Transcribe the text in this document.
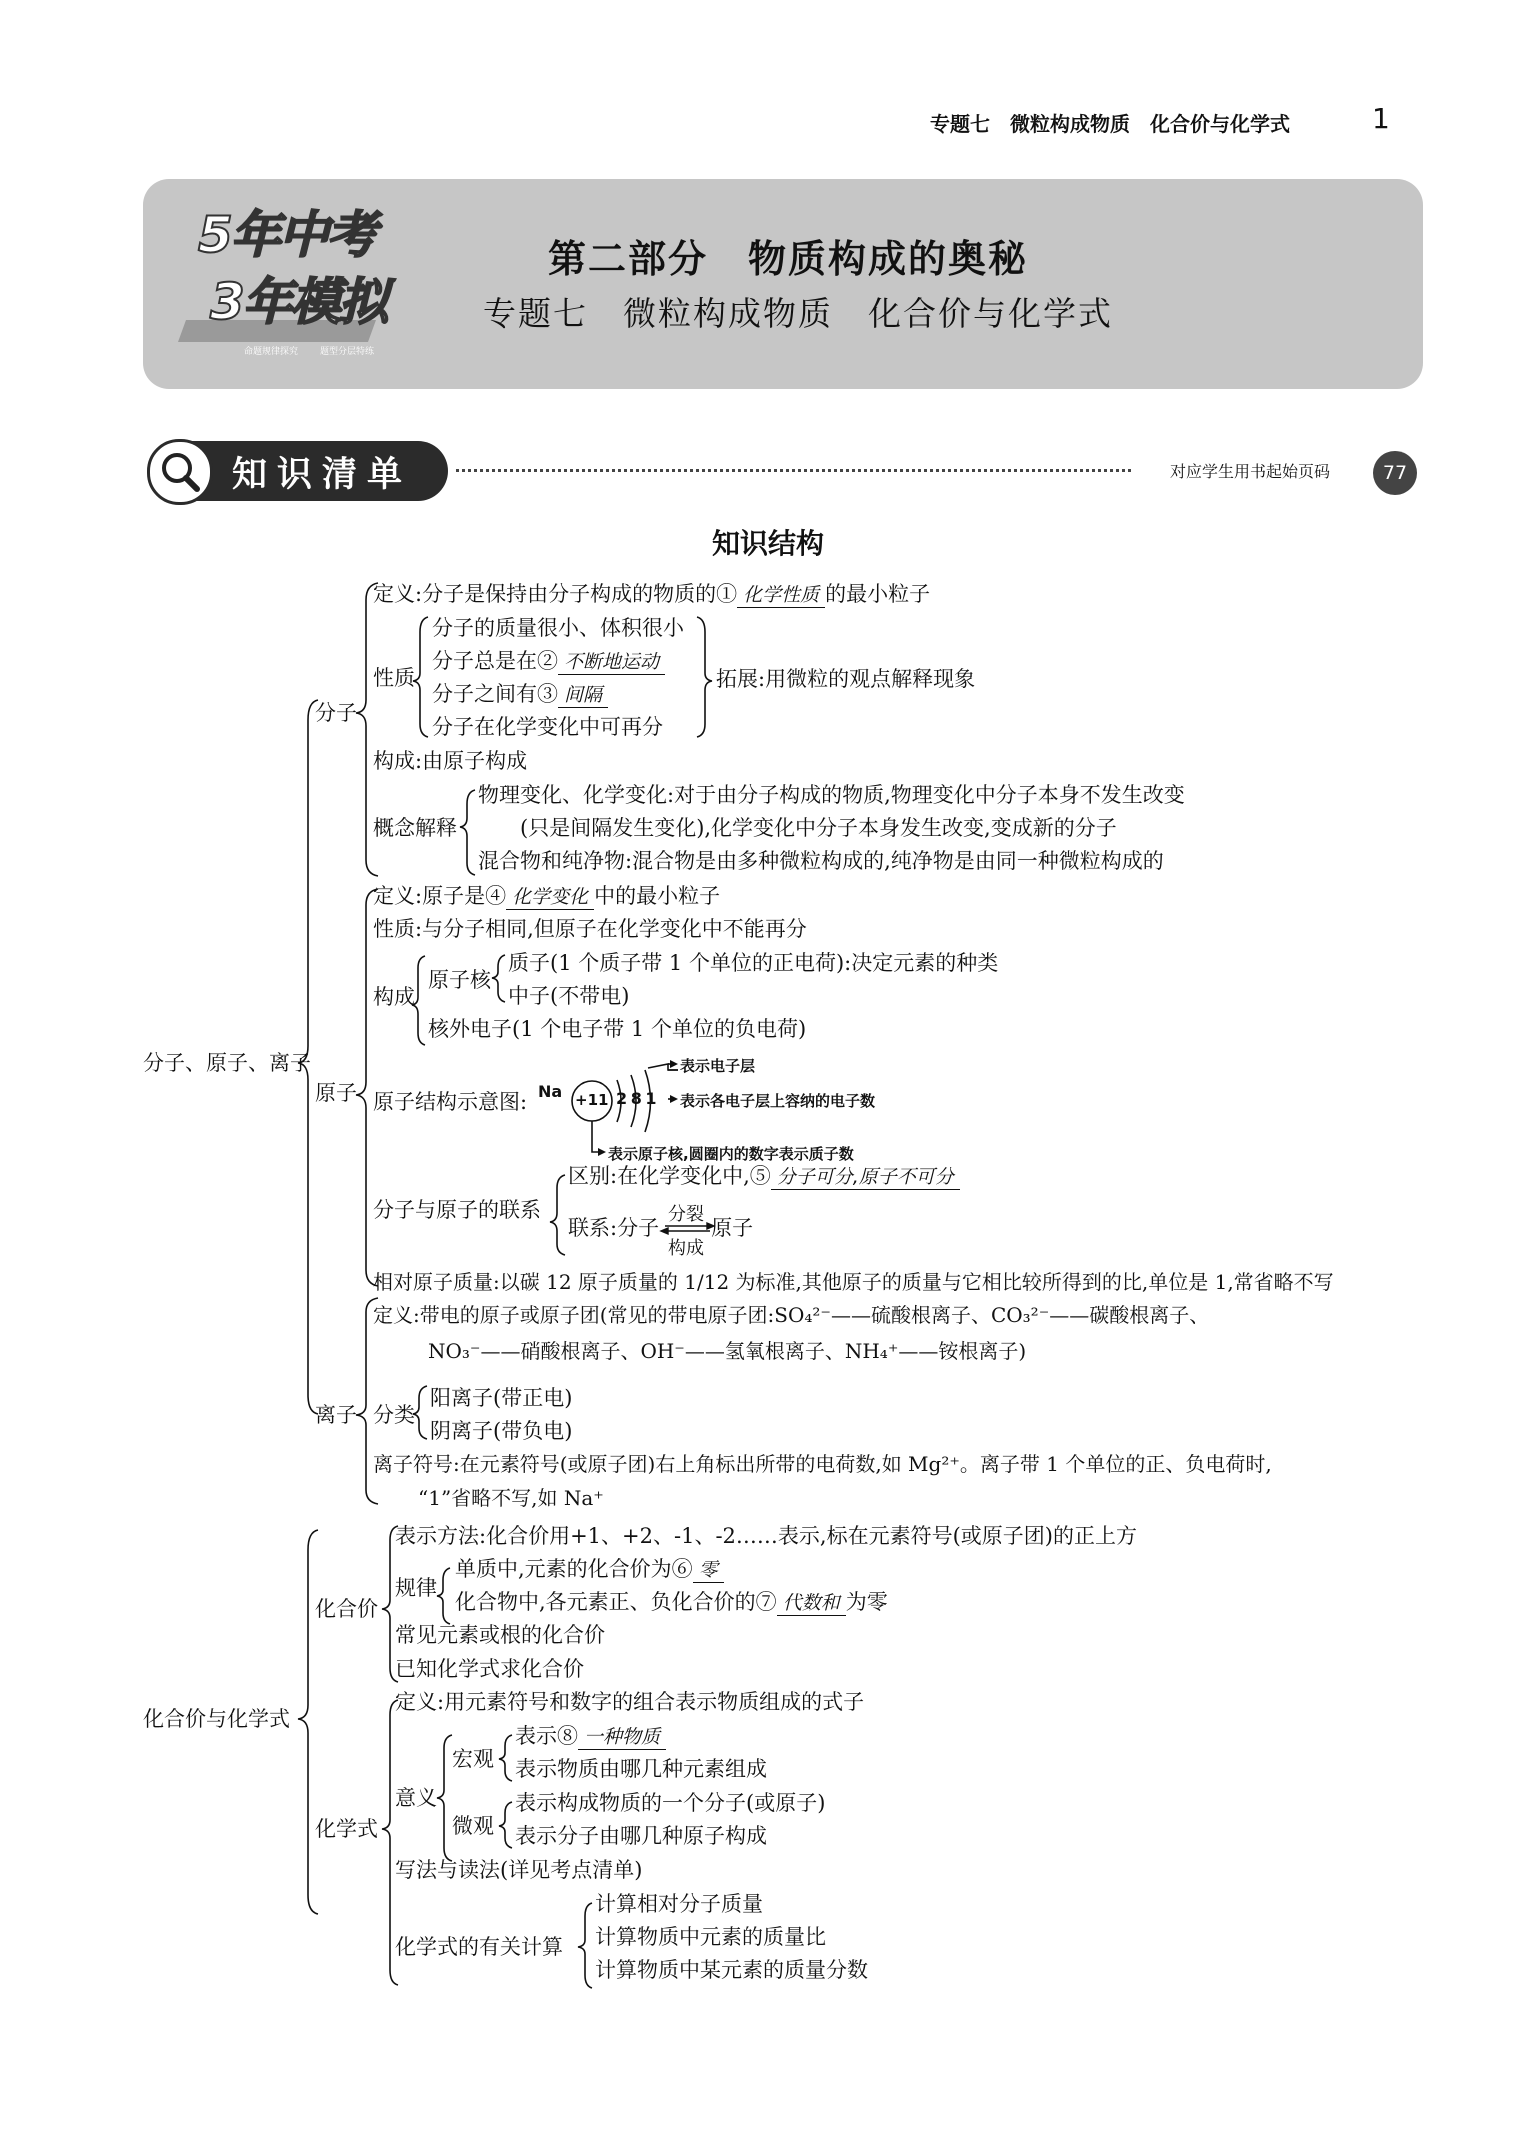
专题七　微粒构成物质　化合价与化学式	1
5年中考
3年模拟
命题规律探究 题型分层特练
第二部分　物质构成的奥秘
专题七　微粒构成物质　化合价与化学式
知识清单	对应学生用书起始页码	77
知识结构
分子、原子、离子
分子
定义:分子是保持由分子构成的物质的① 化学性质 的最小粒子
性质
分子的质量很小、体积很小
分子总是在② 不断地运动
分子之间有③ 间隔
分子在化学变化中可再分
拓展:用微粒的观点解释现象
构成:由原子构成
概念解释
物理变化、化学变化:对于由分子构成的物质,物理变化中分子本身不发生改变
(只是间隔发生变化),化学变化中分子本身发生改变,变成新的分子
混合物和纯净物:混合物是由多种微粒构成的,纯净物是由同一种微粒构成的
原子
定义:原子是④ 化学变化 中的最小粒子
性质:与分子相同,但原子在化学变化中不能再分
构成
原子核
质子(1 个质子带 1 个单位的正电荷):决定元素的种类
中子(不带电)
核外电子(1 个电子带 1 个单位的负电荷)
原子结构示意图: Na +11 2 8 1
表示电子层
表示各电子层上容纳的电子数
表示原子核,圆圈内的数字表示质子数
分子与原子的联系
区别:在化学变化中,⑤ 分子可分,原子不可分
联系:分子 原子
分裂
构成
相对原子质量:以碳 12 原子质量的 1/12 为标准,其他原子的质量与它相比较所得到的比,单位是 1,常省略不写
离子
定义:带电的原子或原子团(常见的带电原子团:SO₄²⁻——硫酸根离子、CO₃²⁻——碳酸根离子、
NO₃⁻——硝酸根离子、OH⁻——氢氧根离子、NH₄⁺——铵根离子)
分类
阳离子(带正电)
阴离子(带负电)
离子符号:在元素符号(或原子团)右上角标出所带的电荷数,如 Mg²⁺。离子带 1 个单位的正、负电荷时,
“1”省略不写,如 Na⁺
化合价与化学式
化合价
表示方法:化合价用+1、+2、-1、-2……表示,标在元素符号(或原子团)的正上方
规律
单质中,元素的化合价为⑥ 零
化合物中,各元素正、负化合价的⑦ 代数和 为零
常见元素或根的化合价
已知化学式求化合价
化学式
定义:用元素符号和数字的组合表示物质组成的式子
意义
宏观
表示⑧ 一种物质
表示物质由哪几种元素组成
微观
表示构成物质的一个分子(或原子)
表示分子由哪几种原子构成
写法与读法(详见考点清单)
化学式的有关计算
计算相对分子质量
计算物质中元素的质量比
计算物质中某元素的质量分数
